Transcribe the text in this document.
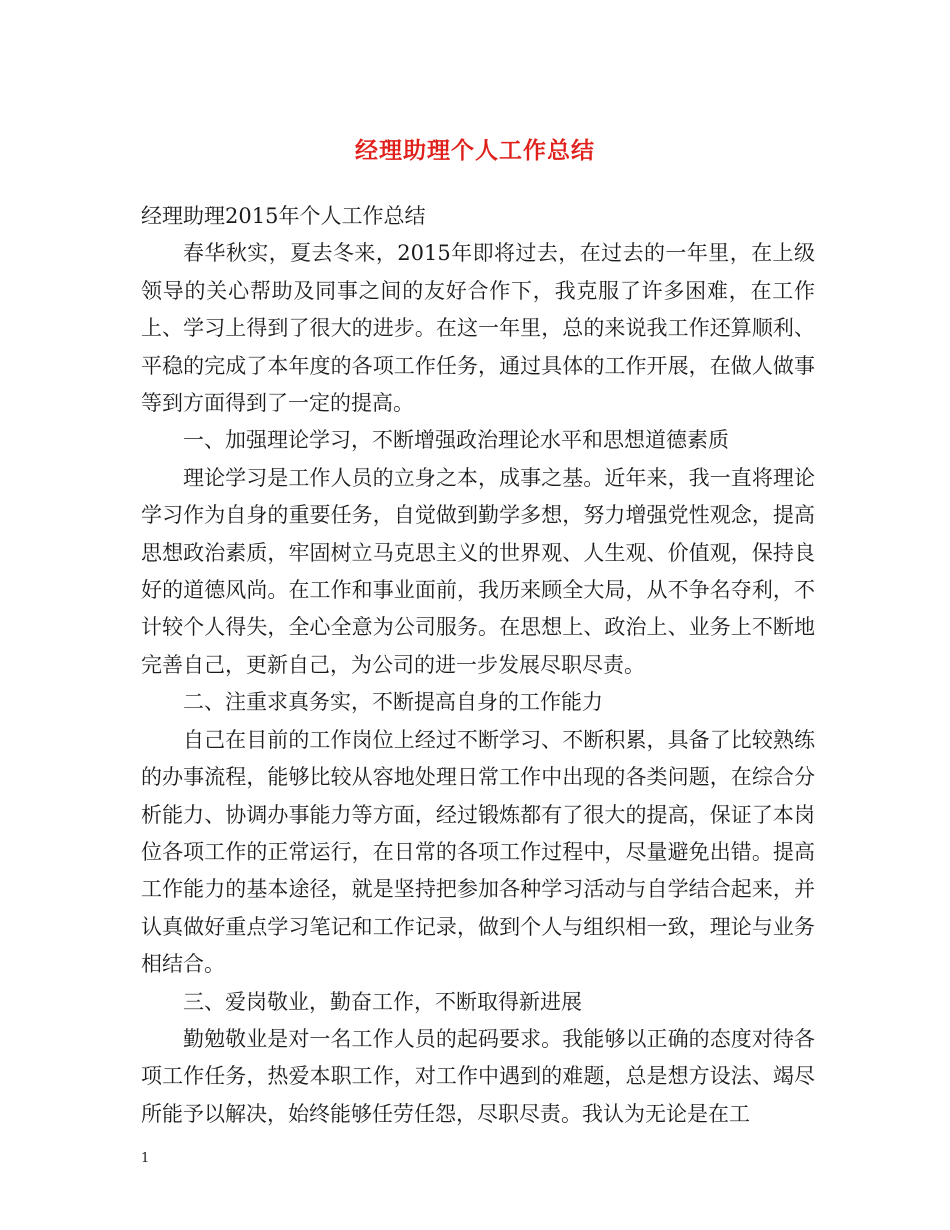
经理助理个人工作总结

经理助理2015年个人工作总结

春华秋实，夏去冬来，2015年即将过去，在过去的一年里，在上级领导的关心帮助及同事之间的友好合作下，我克服了许多困难，在工作上、学习上得到了很大的进步。在这一年里，总的来说我工作还算顺利、平稳的完成了本年度的各项工作任务，通过具体的工作开展，在做人做事等到方面得到了一定的提高。

一、加强理论学习，不断增强政治理论水平和思想道德素质

理论学习是工作人员的立身之本，成事之基。近年来，我一直将理论学习作为自身的重要任务，自觉做到勤学多想，努力增强党性观念，提高思想政治素质，牢固树立马克思主义的世界观、人生观、价值观，保持良好的道德风尚。在工作和事业面前，我历来顾全大局，从不争名夺利，不计较个人得失，全心全意为公司服务。在思想上、政治上、业务上不断地完善自己，更新自己，为公司的进一步发展尽职尽责。

二、注重求真务实，不断提高自身的工作能力

自己在目前的工作岗位上经过不断学习、不断积累，具备了比较熟练的办事流程，能够比较从容地处理日常工作中出现的各类问题，在综合分析能力、协调办事能力等方面，经过锻炼都有了很大的提高，保证了本岗位各项工作的正常运行，在日常的各项工作过程中，尽量避免出错。提高工作能力的基本途径，就是坚持把参加各种学习活动与自学结合起来，并认真做好重点学习笔记和工作记录，做到个人与组织相一致，理论与业务相结合。

三、爱岗敬业，勤奋工作，不断取得新进展

勤勉敬业是对一名工作人员的起码要求。我能够以正确的态度对待各项工作任务，热爱本职工作，对工作中遇到的难题，总是想方设法、竭尽所能予以解决，始终能够任劳任怨，尽职尽责。我认为无论是在工

1
